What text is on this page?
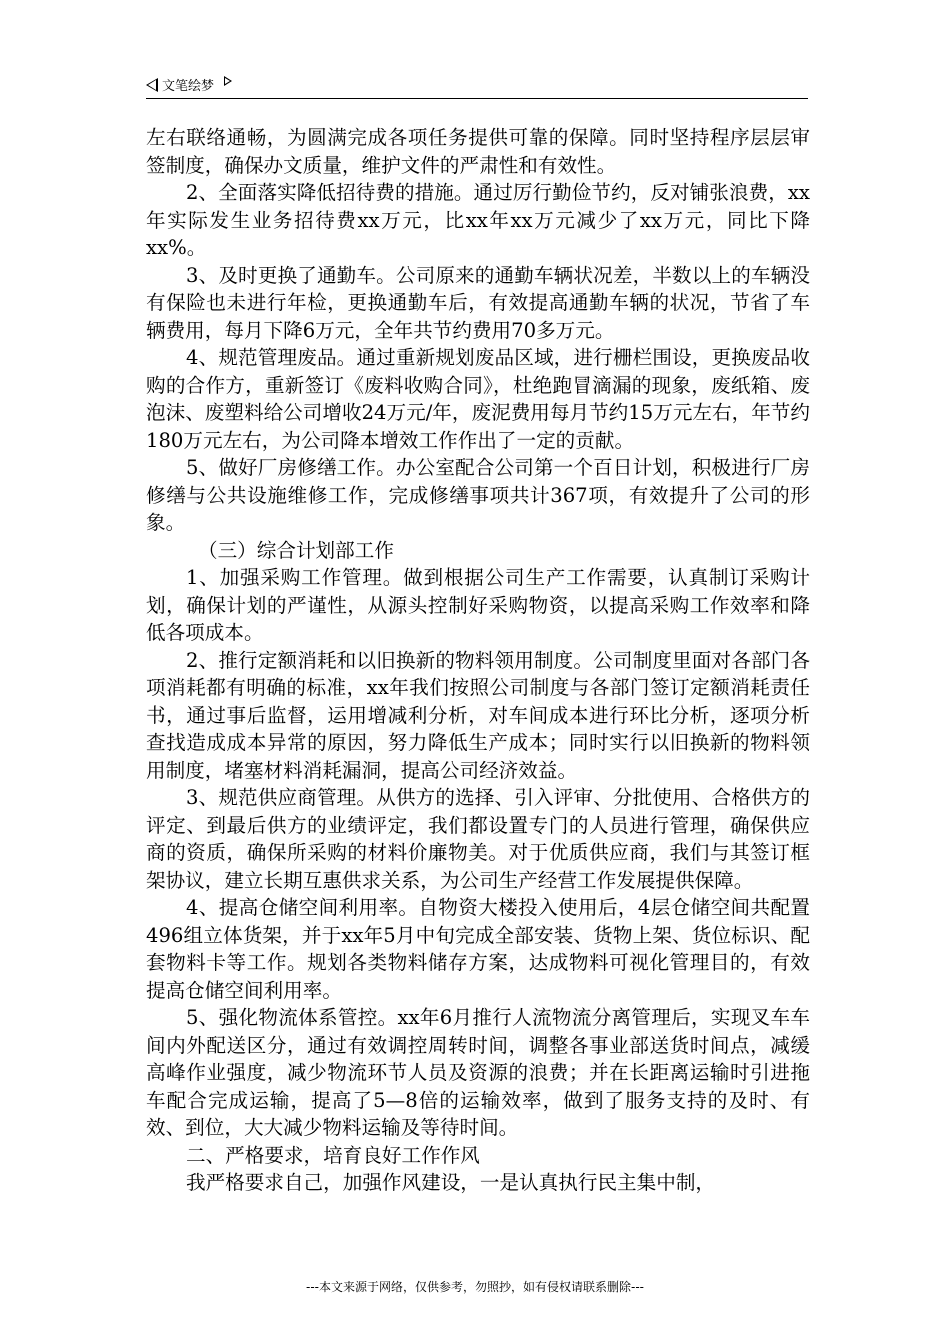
文笔绘梦

左右联络通畅，为圆满完成各项任务提供可靠的保障。同时坚持程序层层审签制度，确保办文质量，维护文件的严肃性和有效性。

2、全面落实降低招待费的措施。通过厉行勤俭节约，反对铺张浪费，xx年实际发生业务招待费xx万元，比xx年xx万元减少了xx万元，同比下降xx%。

3、及时更换了通勤车。公司原来的通勤车辆状况差，半数以上的车辆没有保险也未进行年检，更换通勤车后，有效提高通勤车辆的状况，节省了车辆费用，每月下降6万元，全年共节约费用70多万元。

4、规范管理废品。通过重新规划废品区域，进行栅栏围设，更换废品收购的合作方，重新签订《废料收购合同》，杜绝跑冒滴漏的现象，废纸箱、废泡沫、废塑料给公司增收24万元/年，废泥费用每月节约15万元左右，年节约180万元左右，为公司降本增效工作作出了一定的贡献。

5、做好厂房修缮工作。办公室配合公司第一个百日计划，积极进行厂房修缮与公共设施维修工作，完成修缮事项共计367项，有效提升了公司的形象。

（三）综合计划部工作

1、加强采购工作管理。做到根据公司生产工作需要，认真制订采购计划，确保计划的严谨性，从源头控制好采购物资，以提高采购工作效率和降低各项成本。

2、推行定额消耗和以旧换新的物料领用制度。公司制度里面对各部门各项消耗都有明确的标准，xx年我们按照公司制度与各部门签订定额消耗责任书，通过事后监督，运用增减利分析，对车间成本进行环比分析，逐项分析查找造成成本异常的原因，努力降低生产成本；同时实行以旧换新的物料领用制度，堵塞材料消耗漏洞，提高公司经济效益。

3、规范供应商管理。从供方的选择、引入评审、分批使用、合格供方的评定、到最后供方的业绩评定，我们都设置专门的人员进行管理，确保供应商的资质，确保所采购的材料价廉物美。对于优质供应商，我们与其签订框架协议，建立长期互惠供求关系，为公司生产经营工作发展提供保障。

4、提高仓储空间利用率。自物资大楼投入使用后，4层仓储空间共配置496组立体货架，并于xx年5月中旬完成全部安装、货物上架、货位标识、配套物料卡等工作。规划各类物料储存方案，达成物料可视化管理目的，有效提高仓储空间利用率。

5、强化物流体系管控。xx年6月推行人流物流分离管理后，实现叉车车间内外配送区分，通过有效调控周转时间，调整各事业部送货时间点，减缓高峰作业强度，减少物流环节人员及资源的浪费；并在长距离运输时引进拖车配合完成运输，提高了5—8倍的运输效率，做到了服务支持的及时、有效、到位，大大减少物料运输及等待时间。

二、严格要求，培育良好工作作风

我严格要求自己，加强作风建设，一是认真执行民主集中制，

---本文来源于网络，仅供参考，勿照抄，如有侵权请联系删除---
